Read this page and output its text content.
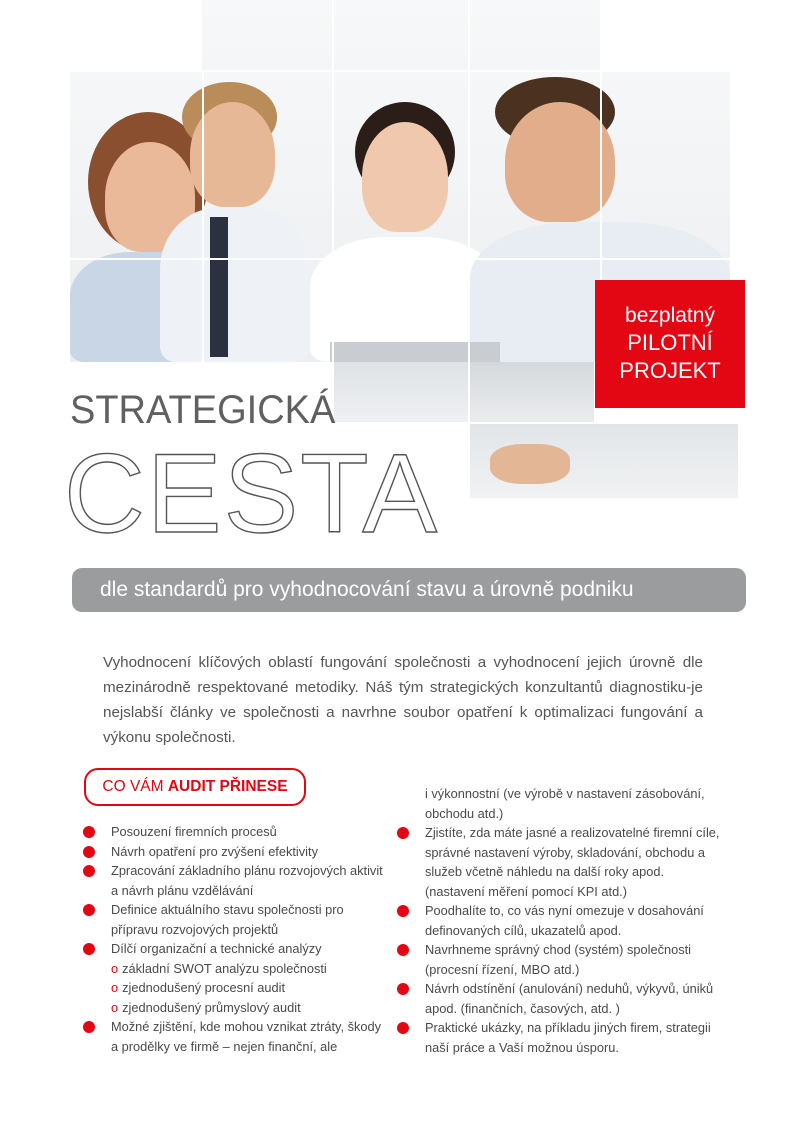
bezplatný
PILOTNÍ
PROJEKT
STRATEGICKÁ
CESTA
dle standardů pro vyhodnocování stavu a úrovně podniku
Vyhodnocení klíčových oblastí fungování společnosti a vyhodnocení jejich úrovně dle mezinárodně respektované metodiky. Náš tým strategických konzultantů diagnostiku-je nejslabší články ve společnosti a navrhne soubor opatření k optimalizaci fungování a výkonu společnosti.
CO VÁM AUDIT PŘINESE
Posouzení firemních procesů
Návrh opatření pro zvýšení efektivity
Zpracování základního plánu rozvojových aktivit a návrh plánu vzdělávání
Definice aktuálního stavu společnosti pro přípravu rozvojových projektů
Dílčí organizační a technické analýzy
o základní SWOT analýzu společnosti
o zjednodušený procesní audit
o zjednodušený průmyslový audit
Možné zjištění, kde mohou vznikat ztráty, škody a prodělky ve firmě – nejen finanční, ale
i výkonnostní (ve výrobě v nastavení zásobování, obchodu atd.)
Zjistíte, zda máte jasné a realizovatelné firemní cíle, správné nastavení výroby, skladování, obchodu a služeb včetně náhledu na další roky apod. (nastavení měření pomocí KPI atd.)
Poodhalíte to, co vás nyní omezuje v dosahování definovaných cílů, ukazatelů apod.
Navrhneme správný chod (systém) společnosti (procesní řízení, MBO atd.)
Návrh odstínění (anulování) neduhů, výkyvů, úniků apod. (finančních, časových, atd. )
Praktické ukázky, na příkladu jiných firem, strategii naší práce a Vaší možnou úsporu.
